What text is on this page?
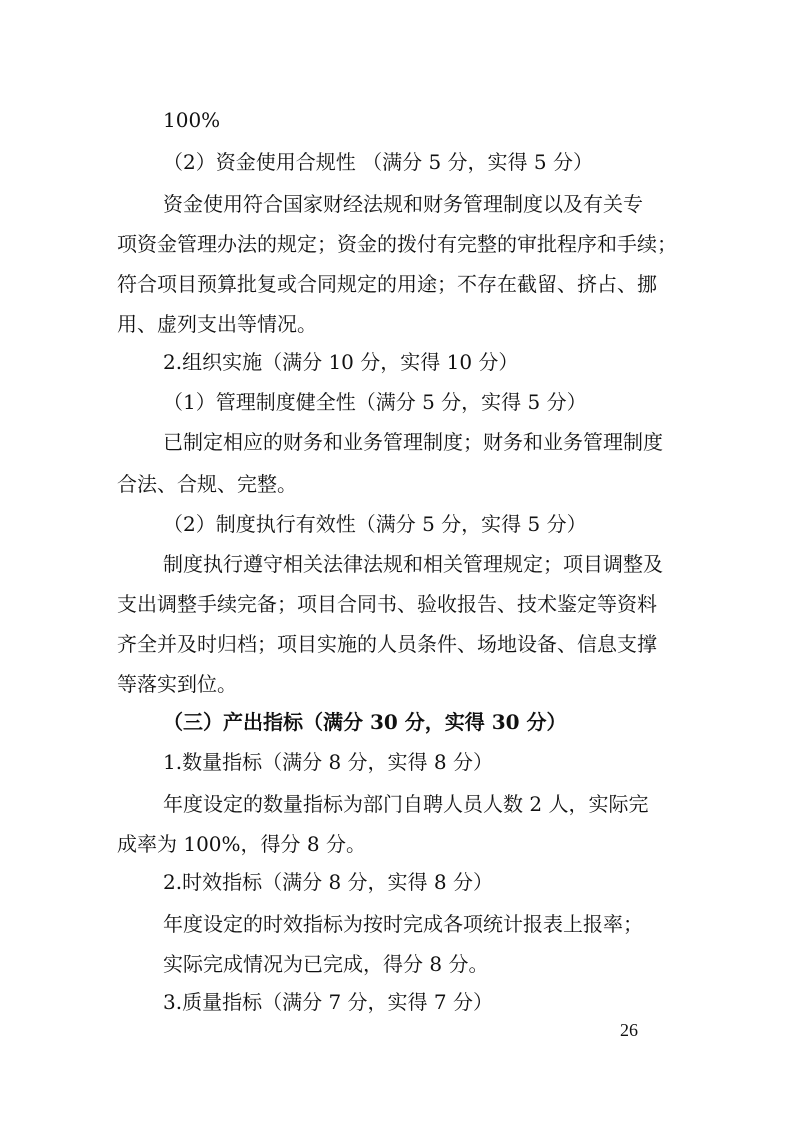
100%
（2）资金使用合规性 （满分 5 分，实得 5 分）
资金使用符合国家财经法规和财务管理制度以及有关专
项资金管理办法的规定；资金的拨付有完整的审批程序和手续；
符合项目预算批复或合同规定的用途；不存在截留、挤占、挪
用、虚列支出等情况。
2.组织实施（满分 10 分，实得 10 分）
（1）管理制度健全性（满分 5 分，实得 5 分）
已制定相应的财务和业务管理制度；财务和业务管理制度
合法、合规、完整。
（2）制度执行有效性（满分 5 分，实得 5 分）
制度执行遵守相关法律法规和相关管理规定；项目调整及
支出调整手续完备；项目合同书、验收报告、技术鉴定等资料
齐全并及时归档；项目实施的人员条件、场地设备、信息支撑
等落实到位。
（三）产出指标（满分 30 分，实得 30 分）
1.数量指标（满分 8 分，实得 8 分）
年度设定的数量指标为部门自聘人员人数 2 人，实际完
成率为 100%，得分 8 分。
2.时效指标（满分 8 分，实得 8 分）
年度设定的时效指标为按时完成各项统计报表上报率；
实际完成情况为已完成，得分 8 分。
3.质量指标（满分 7 分，实得 7 分）
26
